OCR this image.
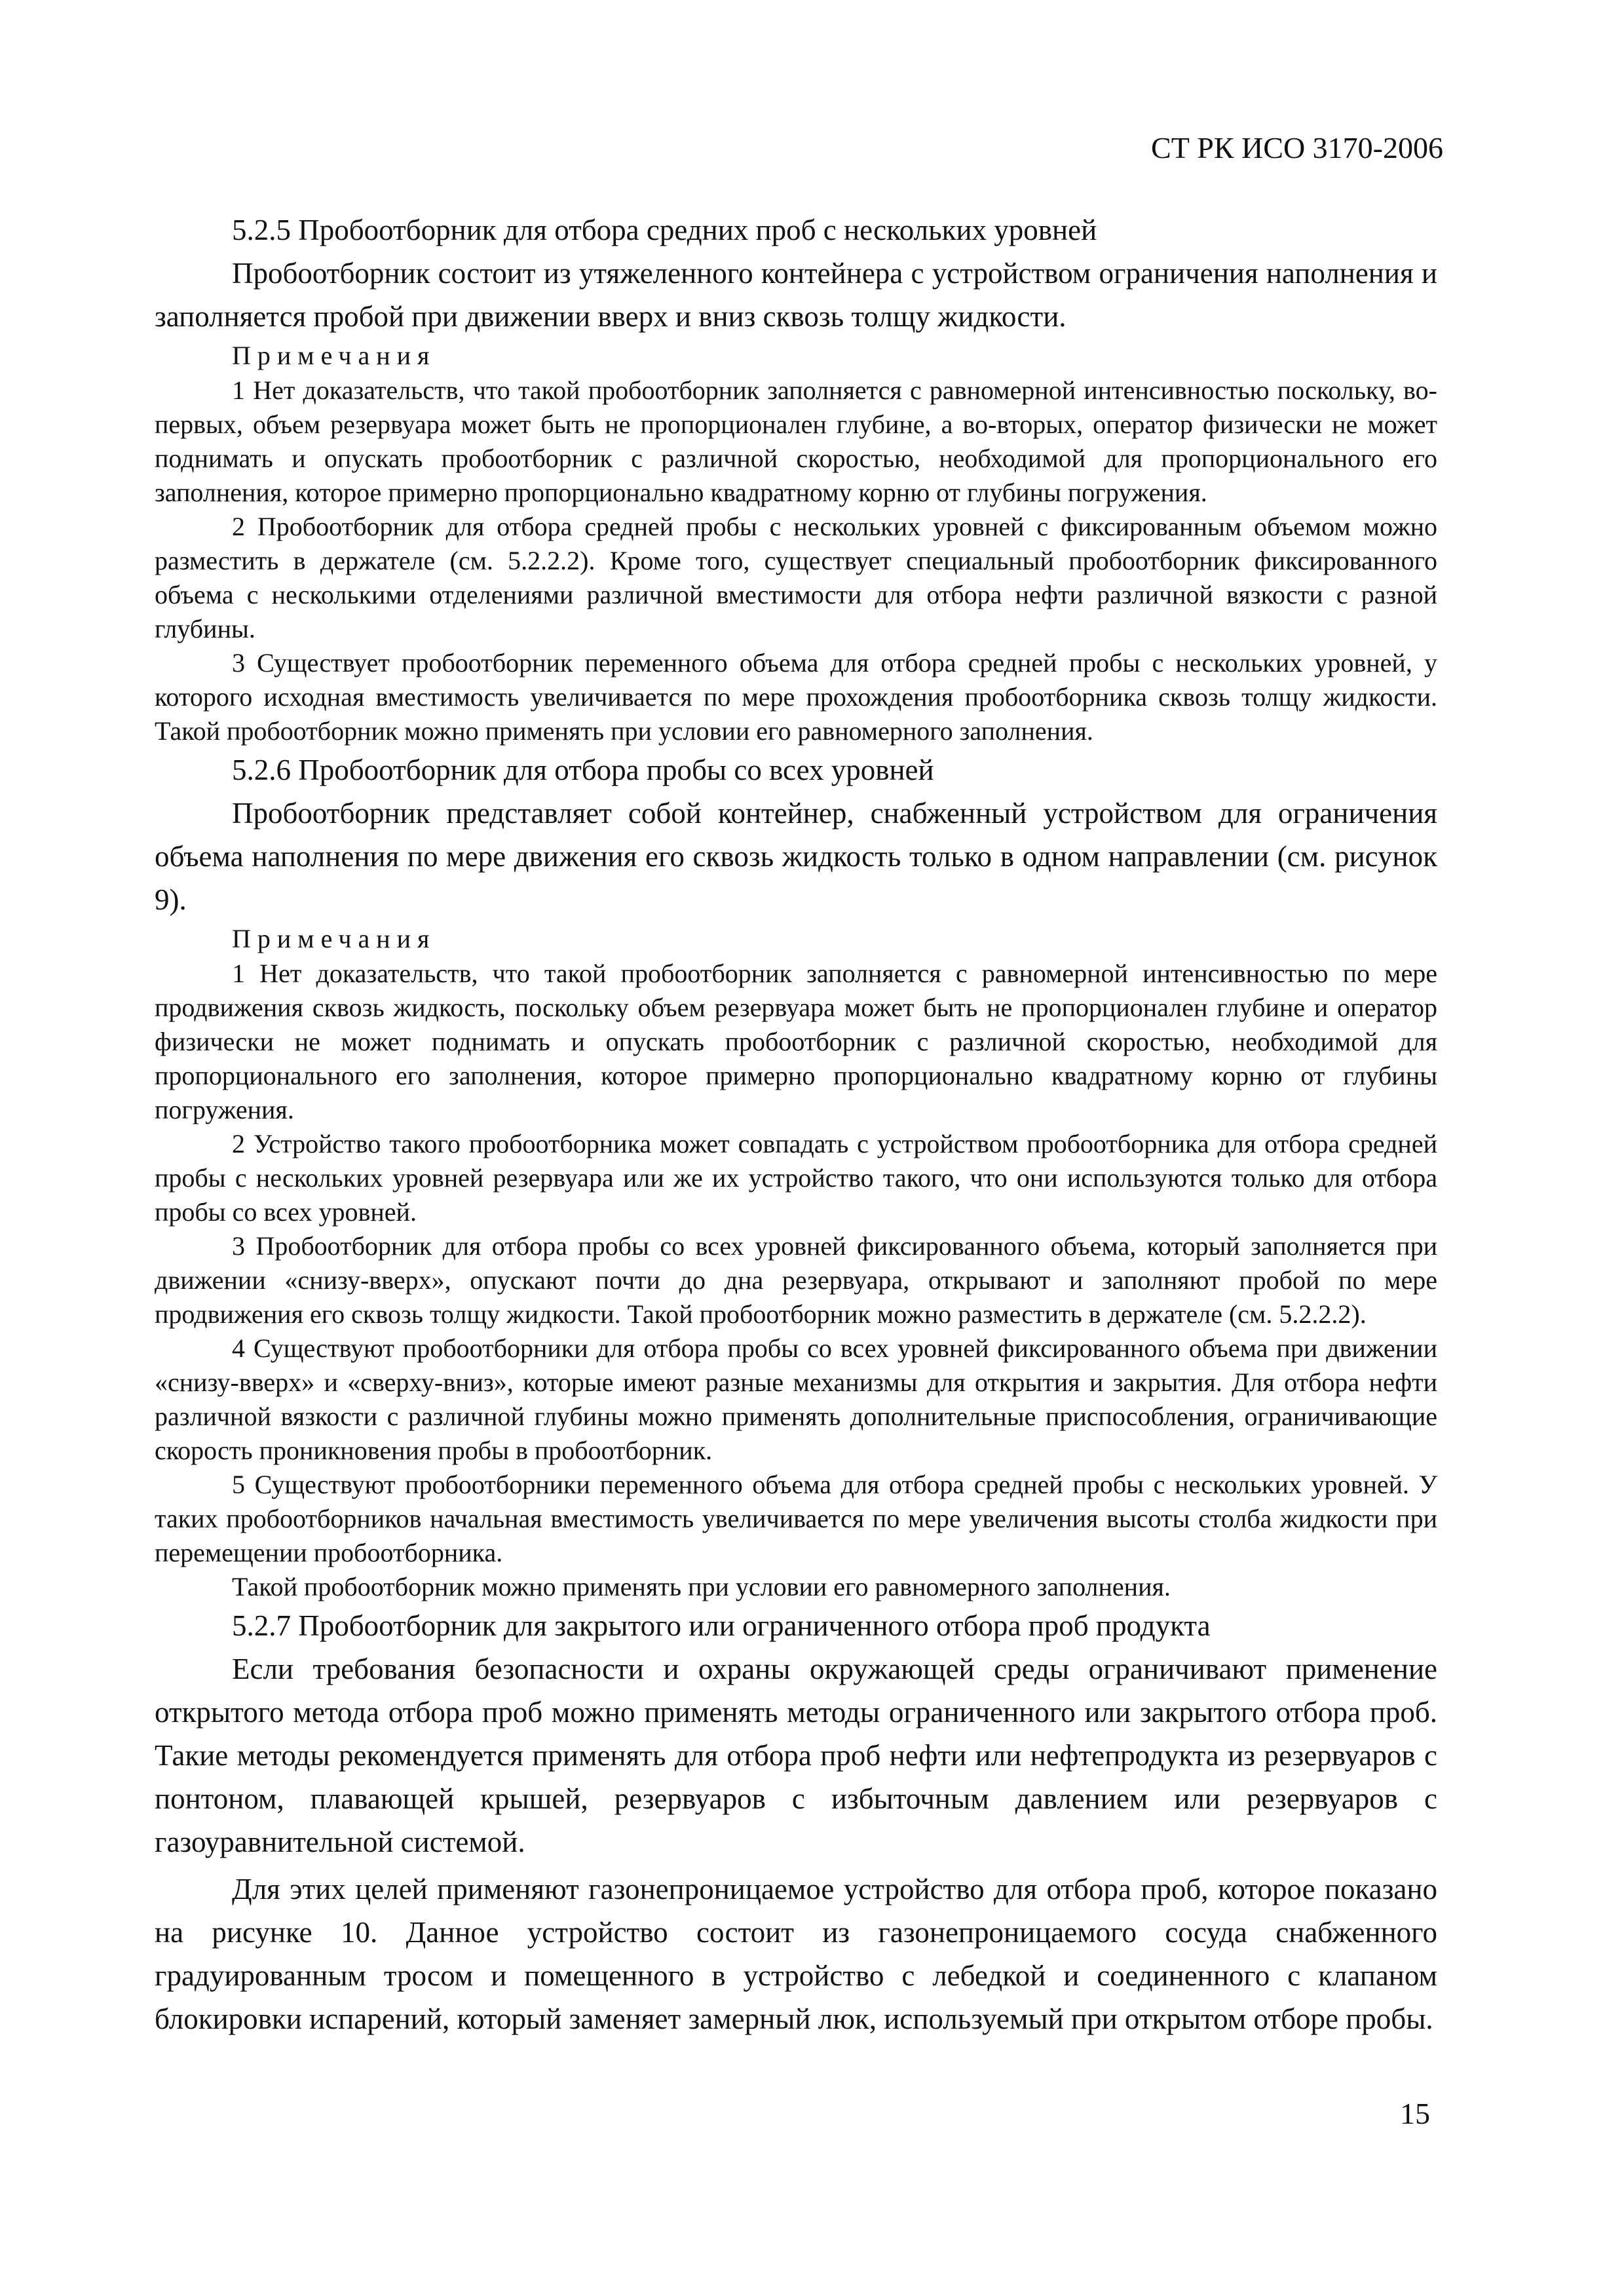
СТ РК ИСО 3170-2006

5.2.5 Пробоотборник для отбора средних проб с нескольких уровней

Пробоотборник состоит из утяжеленного контейнера с устройством ограничения наполнения и заполняется пробой при движении вверх и вниз сквозь толщу жидкости.

Примечания

1 Нет доказательств, что такой пробоотборник заполняется с равномерной интенсивностью поскольку, во-первых, объем резервуара может быть не пропорционален глубине, а во-вторых, оператор физически не может поднимать и опускать пробоотборник с различной скоростью, необходимой для пропорционального его заполнения, которое примерно пропорционально квадратному корню от глубины погружения.

2 Пробоотборник для отбора средней пробы с нескольких уровней с фиксированным объемом можно разместить в держателе (см. 5.2.2.2). Кроме того, существует специальный пробоотборник фиксированного объема с несколькими отделениями различной вместимости для отбора нефти различной вязкости с разной глубины.

3 Существует пробоотборник переменного объема для отбора средней пробы с нескольких уровней, у которого исходная вместимость увеличивается по мере прохождения пробоотборника сквозь толщу жидкости. Такой пробоотборник можно применять при условии его равномерного заполнения.

5.2.6 Пробоотборник для отбора пробы со всех уровней

Пробоотборник представляет собой контейнер, снабженный устройством для ограничения объема наполнения по мере движения его сквозь жидкость только в одном направлении (см. рисунок 9).

Примечания

1 Нет доказательств, что такой пробоотборник заполняется с равномерной интенсивностью по мере продвижения сквозь жидкость, поскольку объем резервуара может быть не пропорционален глубине и оператор физически не может поднимать и опускать пробоотборник с различной скоростью, необходимой для пропорционального его заполнения, которое примерно пропорционально квадратному корню от глубины погружения.

2 Устройство такого пробоотборника может совпадать с устройством пробоотборника для отбора средней пробы с нескольких уровней резервуара или же их устройство такого, что они используются только для отбора пробы со всех уровней.

3 Пробоотборник для отбора пробы со всех уровней фиксированного объема, который заполняется при движении «снизу-вверх», опускают почти до дна резервуара, открывают и заполняют пробой по мере продвижения его сквозь толщу жидкости. Такой пробоотборник можно разместить в держателе (см. 5.2.2.2).

4 Существуют пробоотборники для отбора пробы со всех уровней фиксированного объема при движении «снизу-вверх» и «сверху-вниз», которые имеют разные механизмы для открытия и закрытия. Для отбора нефти различной вязкости с различной глубины можно применять дополнительные приспособления, ограничивающие скорость проникновения пробы в пробоотборник.

5 Существуют пробоотборники переменного объема для отбора средней пробы с нескольких уровней. У таких пробоотборников начальная вместимость увеличивается по мере увеличения высоты столба жидкости при перемещении пробоотборника.

Такой пробоотборник можно применять при условии его равномерного заполнения.

5.2.7 Пробоотборник для закрытого или ограниченного отбора проб продукта

Если требования безопасности и охраны окружающей среды ограничивают применение открытого метода отбора проб можно применять методы ограниченного или закрытого отбора проб. Такие методы рекомендуется применять для отбора проб нефти или нефтепродукта из резервуаров с понтоном, плавающей крышей, резервуаров с избыточным давлением или резервуаров с газоуравнительной системой.

Для этих целей применяют газонепроницаемое устройство для отбора проб, которое показано на рисунке 10. Данное устройство состоит из газонепроницаемого сосуда снабженного градуированным тросом и помещенного в устройство с лебедкой и соединенного с клапаном блокировки испарений, который заменяет замерный люк, используемый при открытом отборе пробы.

15
